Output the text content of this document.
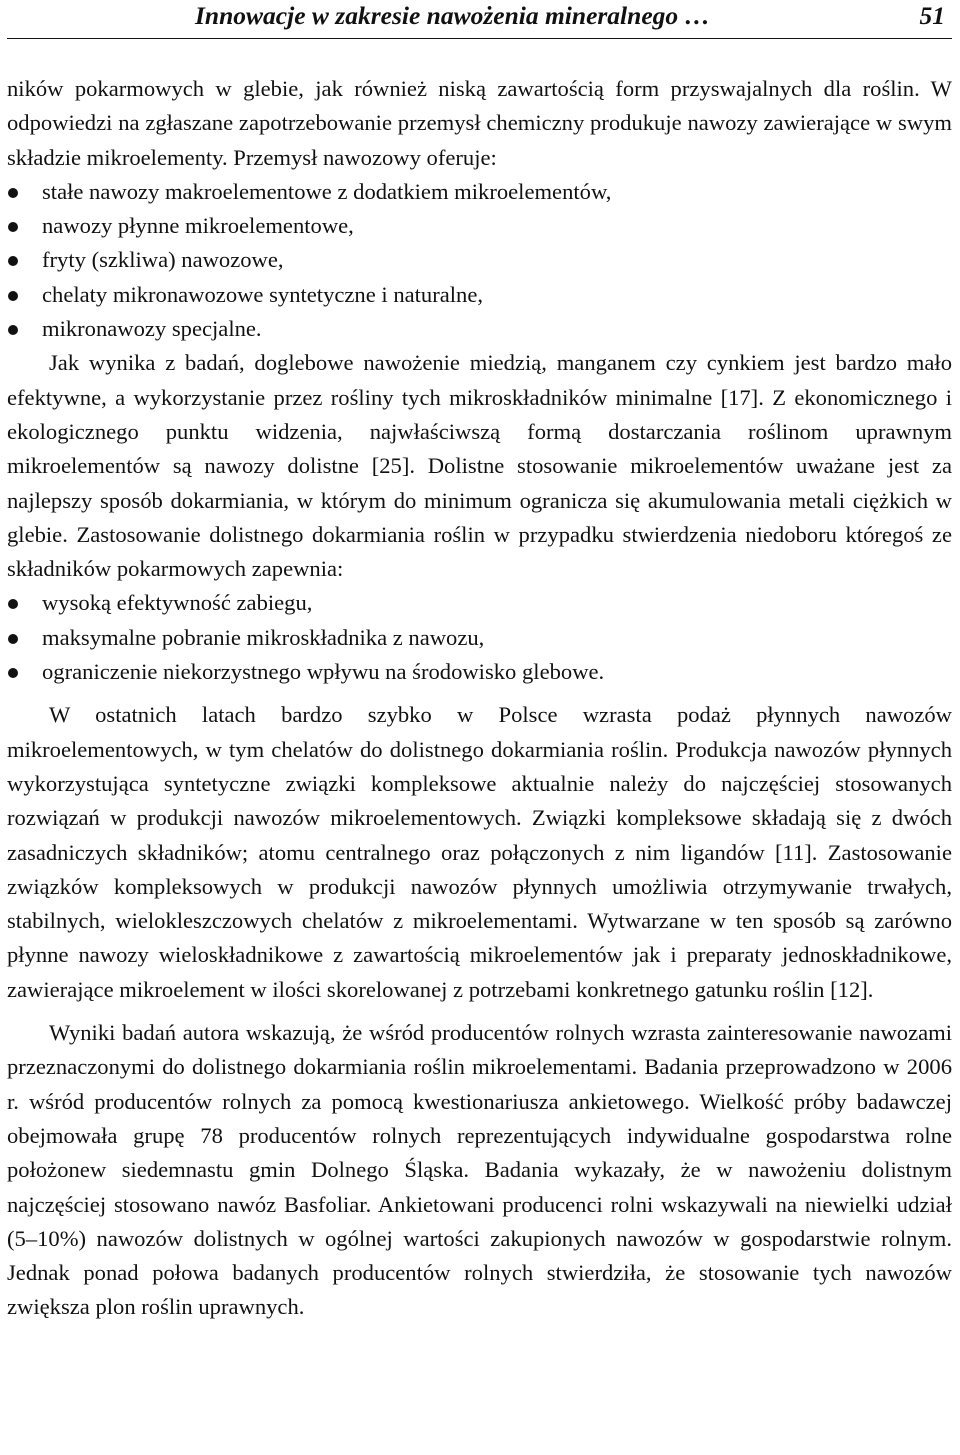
Innowacje w zakresie nawożenia mineralnego …	51

ników pokarmowych w glebie, jak również niską zawartością form przyswajalnych dla roślin. W odpowiedzi na zgłaszane zapotrzebowanie przemysł chemiczny produkuje nawozy zawierające w swym składzie mikroelementy. Przemysł nawozowy oferuje:

stałe nawozy makroelementowe z dodatkiem mikroelementów,
nawozy płynne mikroelementowe,
fryty (szkliwa) nawozowe,
chelaty mikronawozowe syntetyczne i naturalne,
mikronawozy specjalne.

Jak wynika z badań, doglebowe nawożenie miedzią, manganem czy cynkiem jest bardzo mało efektywne, a wykorzystanie przez rośliny tych mikroskładników minimalne [17]. Z ekonomicznego i ekologicznego punktu widzenia, najwłaściwszą formą dostarczania roślinom uprawnym mikroelementów są nawozy dolistne [25]. Dolistne stosowanie mikroelementów uważane jest za najlepszy sposób dokarmiania, w którym do minimum ogranicza się akumulowania metali ciężkich w glebie. Zastosowanie dolistnego dokarmiania roślin w przypadku stwierdzenia niedoboru któregoś ze składników pokarmowych zapewnia:

wysoką efektywność zabiegu,
maksymalne pobranie mikroskładnika z nawozu,
ograniczenie niekorzystnego wpływu na środowisko glebowe.

W ostatnich latach bardzo szybko w Polsce wzrasta podaż płynnych nawozów mikroelementowych, w tym chelatów do dolistnego dokarmiania roślin. Produkcja nawozów płynnych wykorzystująca syntetyczne związki kompleksowe aktualnie należy do najczęściej stosowanych rozwiązań w produkcji nawozów mikroelementowych. Związki kompleksowe składają się z dwóch zasadniczych składników; atomu centralnego oraz połączonych z nim ligandów [11]. Zastosowanie związków kompleksowych w produkcji nawozów płynnych umożliwia otrzymywanie trwałych, stabilnych, wielokleszczowych chelatów z mikroelementami. Wytwarzane w ten sposób są zarówno płynne nawozy wieloskładnikowe z zawartością mikroelementów jak i preparaty jednoskładnikowe, zawierające mikroelement w ilości skorelowanej z potrzebami konkretnego gatunku roślin [12].

Wyniki badań autora wskazują, że wśród producentów rolnych wzrasta zainteresowanie nawozami przeznaczonymi do dolistnego dokarmiania roślin mikroelementami. Badania przeprowadzono w 2006 r. wśród producentów rolnych za pomocą kwestionariusza ankietowego. Wielkość próby badawczej obejmowała grupę 78 producentów rolnych reprezentujących indywidualne gospodarstwa rolne położonew siedemnastu gmin Dolnego Śląska. Badania wykazały, że w nawożeniu dolistnym najczęściej stosowano nawóz Basfoliar. Ankietowani producenci rolni wskazywali na niewielki udział (5–10%) nawozów dolistnych w ogólnej wartości zakupionych nawozów w gospodarstwie rolnym. Jednak ponad połowa badanych producentów rolnych stwierdziła, że stosowanie tych nawozów zwiększa plon roślin uprawnych.
